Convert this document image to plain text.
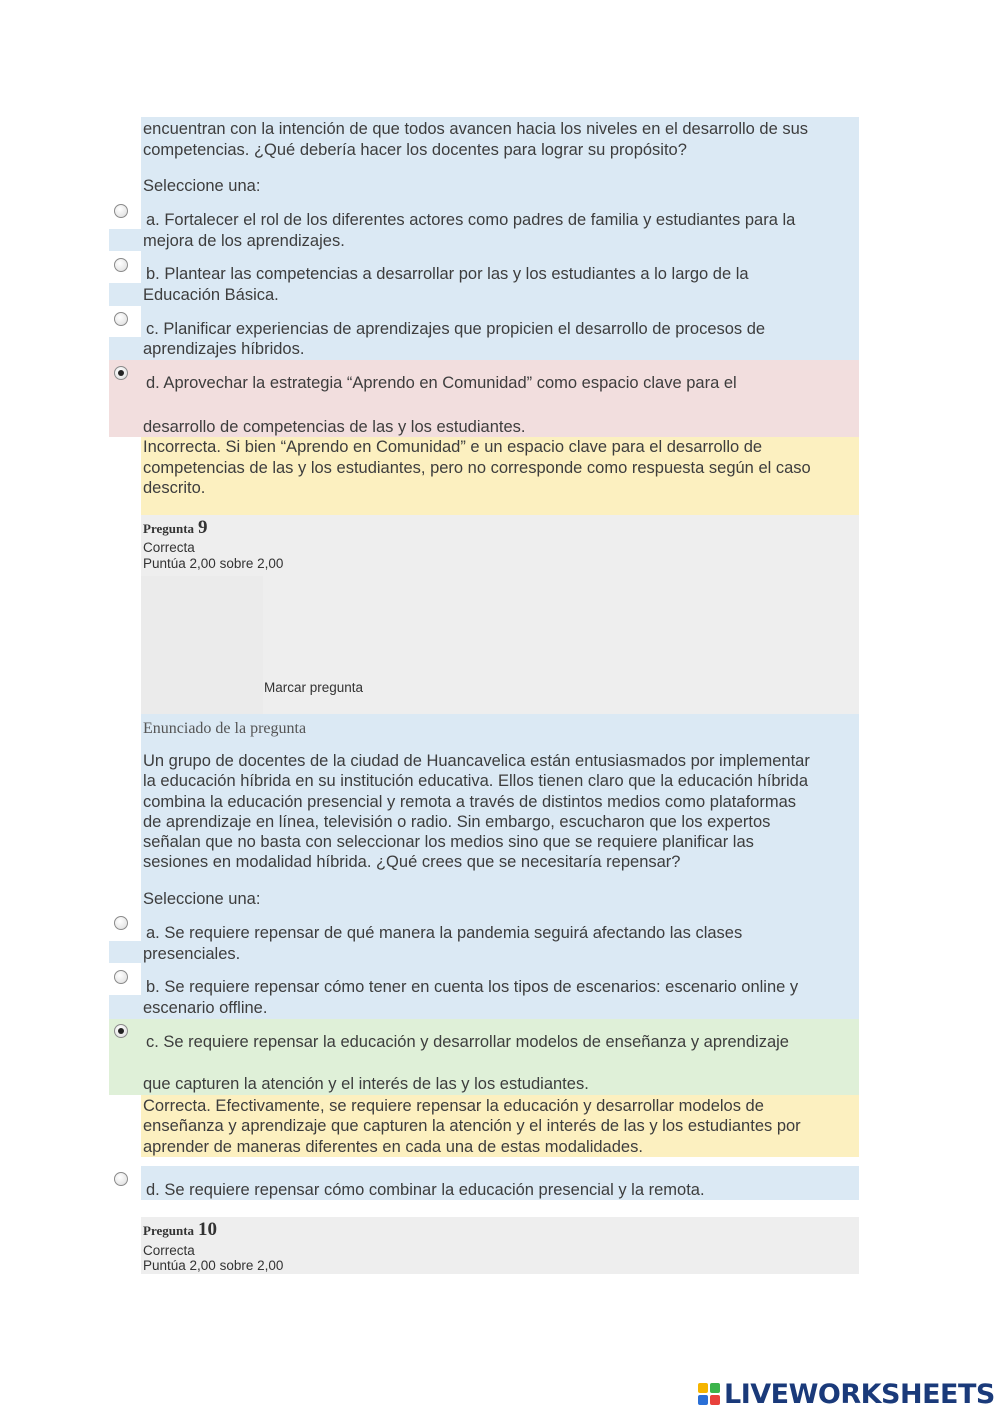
encuentran con la intención de que todos avancen hacia los niveles en el desarrollo de sus
competencias. ¿Qué debería hacer los docentes para lograr su propósito?
Seleccione una:
a. Fortalecer el rol de los diferentes actores como padres de familia y estudiantes para la
mejora de los aprendizajes.
b. Plantear las competencias a desarrollar por las y los estudiantes a lo largo de la
Educación Básica.
c. Planificar experiencias de aprendizajes que propicien el desarrollo de procesos de
aprendizajes híbridos.
d. Aprovechar la estrategia “Aprendo en Comunidad” como espacio clave para el
desarrollo de competencias de las y los estudiantes.
Incorrecta. Si bien “Aprendo en Comunidad” e un espacio clave para el desarrollo de
competencias de las y los estudiantes, pero no corresponde como respuesta según el caso
descrito.
Pregunta 9
Correcta
Puntúa 2,00 sobre 2,00
Marcar pregunta
Enunciado de la pregunta
Un grupo de docentes de la ciudad de Huancavelica están entusiasmados por implementar
la educación híbrida en su institución educativa. Ellos tienen claro que la educación híbrida
combina la educación presencial y remota a través de distintos medios como plataformas
de aprendizaje en línea, televisión o radio. Sin embargo, escucharon que los expertos
señalan que no basta con seleccionar los medios sino que se requiere planificar las
sesiones en modalidad híbrida. ¿Qué crees que se necesitaría repensar?
Seleccione una:
a. Se requiere repensar de qué manera la pandemia seguirá afectando las clases
presenciales.
b. Se requiere repensar cómo tener en cuenta los tipos de escenarios: escenario online y
escenario offline.
c. Se requiere repensar la educación y desarrollar modelos de enseñanza y aprendizaje
que capturen la atención y el interés de las y los estudiantes.
Correcta. Efectivamente, se requiere repensar la educación y desarrollar modelos de
enseñanza y aprendizaje que capturen la atención y el interés de las y los estudiantes por
aprender de maneras diferentes en cada una de estas modalidades.
d. Se requiere repensar cómo combinar la educación presencial y la remota.
Pregunta 10
Correcta
Puntúa 2,00 sobre 2,00
LIVEWORKSHEETS
